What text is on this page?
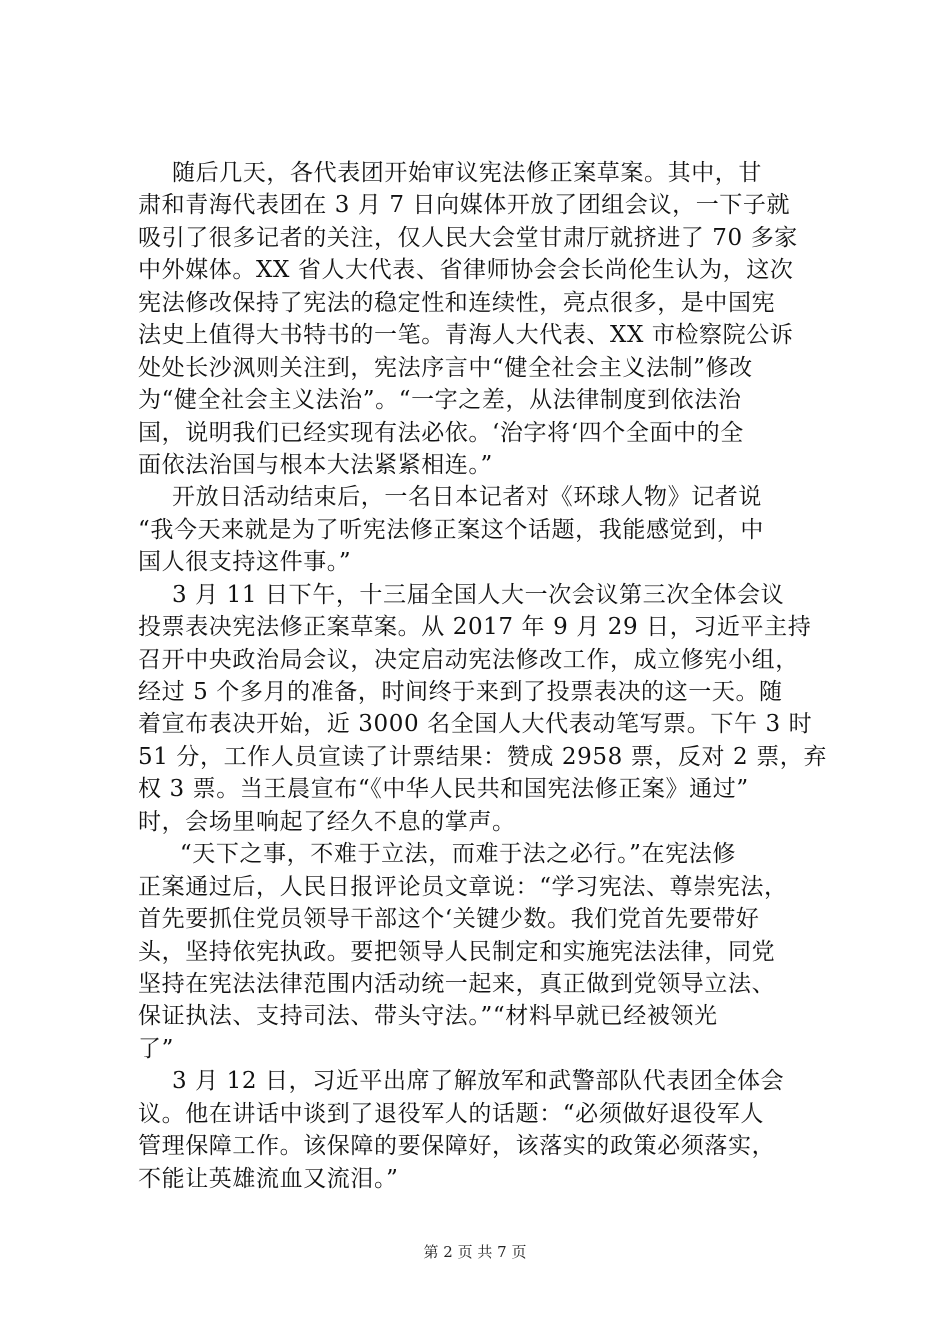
随后几天，各代表团开始审议宪法修正案草案。其中，甘
肃和青海代表团在 3 月 7 日向媒体开放了团组会议，一下子就
吸引了很多记者的关注，仅人民大会堂甘肃厅就挤进了 70 多家
中外媒体。XX 省人大代表、省律师协会会长尚伦生认为，这次
宪法修改保持了宪法的稳定性和连续性，亮点很多，是中国宪
法史上值得大书特书的一笔。青海人大代表、XX 市检察院公诉
处处长沙沨则关注到，宪法序言中“健全社会主义法制”修改
为“健全社会主义法治”。“一字之差，从法律制度到依法治
国，说明我们已经实现有法必依。‘治字将‘四个全面中的全
面依法治国与根本大法紧紧相连。”
开放日活动结束后，一名日本记者对《环球人物》记者说
“我今天来就是为了听宪法修正案这个话题，我能感觉到，中
国人很支持这件事。”
3 月 11 日下午，十三届全国人大一次会议第三次全体会议
投票表决宪法修正案草案。从 2017 年 9 月 29 日，习近平主持
召开中央政治局会议，决定启动宪法修改工作，成立修宪小组，
经过 5 个多月的准备，时间终于来到了投票表决的这一天。随
着宣布表决开始，近 3000 名全国人大代表动笔写票。下午 3 时
51 分，工作人员宣读了计票结果：赞成 2958 票，反对 2 票，弃
权 3 票。当王晨宣布“《中华人民共和国宪法修正案》通过”
时，会场里响起了经久不息的掌声。
“天下之事，不难于立法，而难于法之必行。”在宪法修
正案通过后，人民日报评论员文章说：“学习宪法、尊崇宪法，
首先要抓住党员领导干部这个‘关键少数。我们党首先要带好
头，坚持依宪执政。要把领导人民制定和实施宪法法律，同党
坚持在宪法法律范围内活动统一起来，真正做到党领导立法、
保证执法、支持司法、带头守法。”“材料早就已经被领光
了”
3 月 12 日，习近平出席了解放军和武警部队代表团全体会
议。他在讲话中谈到了退役军人的话题：“必须做好退役军人
管理保障工作。该保障的要保障好，该落实的政策必须落实，
不能让英雄流血又流泪。”
第 2 页 共 7 页
